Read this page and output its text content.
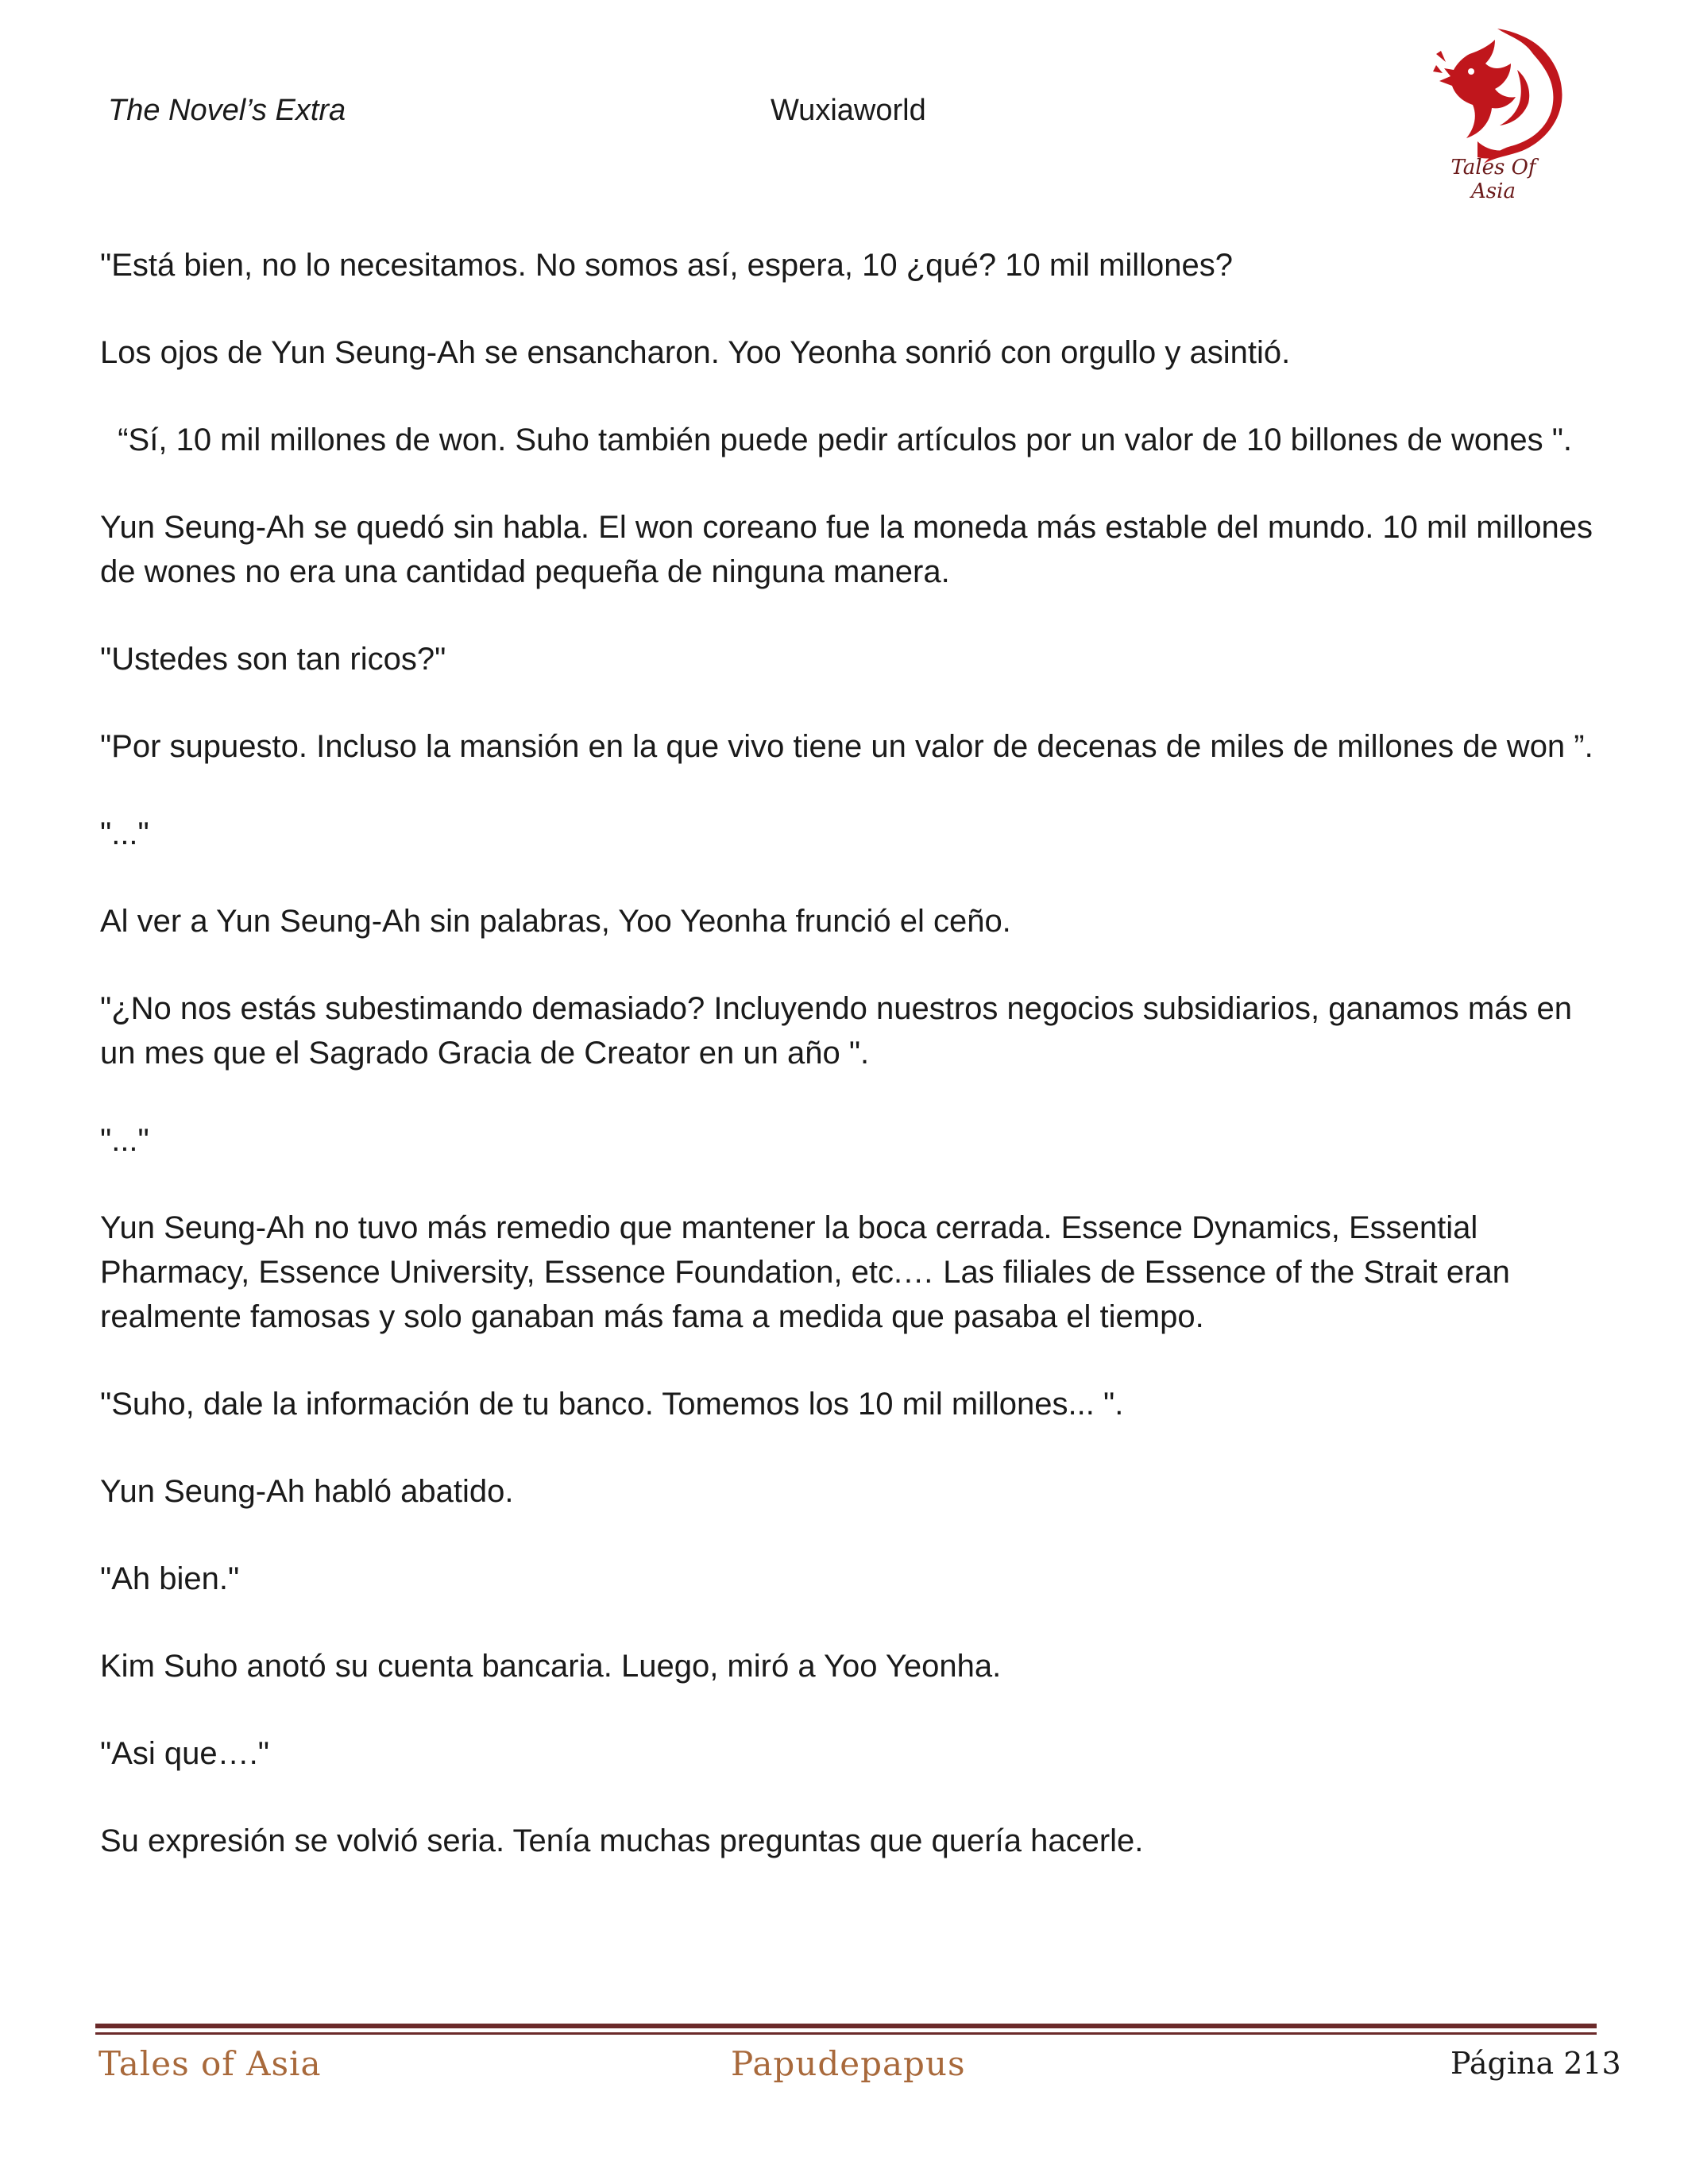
The Novel’s Extra	Wuxiaworld
Tales Of Asia

"Está bien, no lo necesitamos. No somos así, espera, 10 ¿qué? 10 mil millones?

Los ojos de Yun Seung-Ah se ensancharon. Yoo Yeonha sonrió con orgullo y asintió.

“Sí, 10 mil millones de won. Suho también puede pedir artículos por un valor de 10 billones de wones ".

Yun Seung-Ah se quedó sin habla. El won coreano fue la moneda más estable del mundo. 10 mil millones de wones no era una cantidad pequeña de ninguna manera.

"Ustedes son tan ricos?"

"Por supuesto. Incluso la mansión en la que vivo tiene un valor de decenas de miles de millones de won ”.

"..."

Al ver a Yun Seung-Ah sin palabras, Yoo Yeonha frunció el ceño.

"¿No nos estás subestimando demasiado? Incluyendo nuestros negocios subsidiarios, ganamos más en un mes que el Sagrado Gracia de Creator en un año ".

"..."

Yun Seung-Ah no tuvo más remedio que mantener la boca cerrada. Essence Dynamics, Essential Pharmacy, Essence University, Essence Foundation, etc.… Las filiales de Essence of the Strait eran realmente famosas y solo ganaban más fama a medida que pasaba el tiempo.

"Suho, dale la información de tu banco. Tomemos los 10 mil millones... ".

Yun Seung-Ah habló abatido.

"Ah bien."

Kim Suho anotó su cuenta bancaria. Luego, miró a Yoo Yeonha.

"Asi que…."

Su expresión se volvió seria. Tenía muchas preguntas que quería hacerle.

Tales of Asia	Papudepapus	Página 213
